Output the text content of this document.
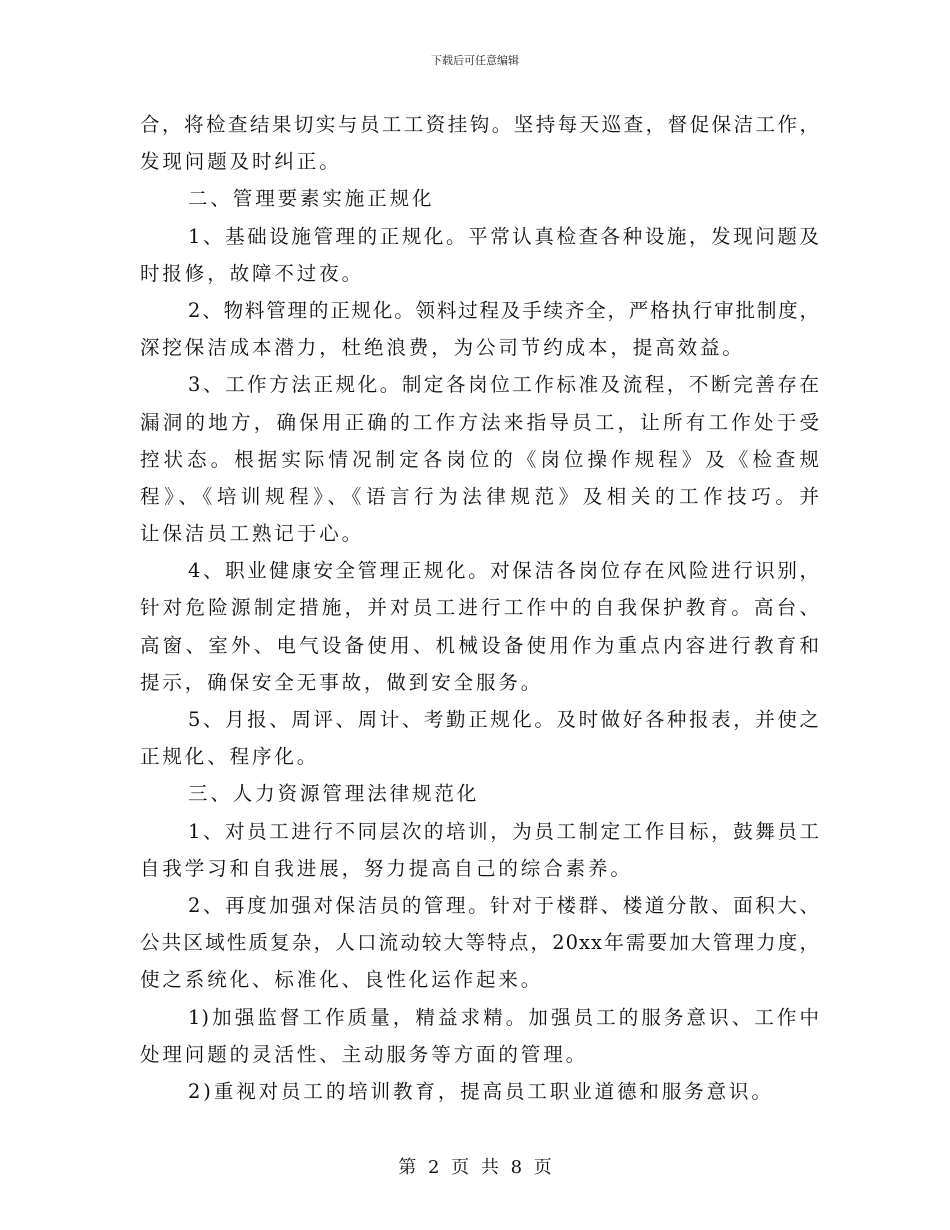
下载后可任意编辑
合，将检查结果切实与员工工资挂钩。坚持每天巡查，督促保洁工作，
发现问题及时纠正。
二、管理要素实施正规化
1、基础设施管理的正规化。平常认真检查各种设施，发现问题及
时报修，故障不过夜。
2、物料管理的正规化。领料过程及手续齐全，严格执行审批制度，
深挖保洁成本潜力，杜绝浪费，为公司节约成本，提高效益。
3、工作方法正规化。制定各岗位工作标准及流程，不断完善存在
漏洞的地方，确保用正确的工作方法来指导员工，让所有工作处于受
控状态。根据实际情况制定各岗位的《岗位操作规程》及《检查规
程》、《培训规程》、《语言行为法律规范》及相关的工作技巧。并
让保洁员工熟记于心。
4、职业健康安全管理正规化。对保洁各岗位存在风险进行识别，
针对危险源制定措施，并对员工进行工作中的自我保护教育。高台、
高窗、室外、电气设备使用、机械设备使用作为重点内容进行教育和
提示，确保安全无事故，做到安全服务。
5、月报、周评、周计、考勤正规化。及时做好各种报表，并使之
正规化、程序化。
三、人力资源管理法律规范化
1、对员工进行不同层次的培训，为员工制定工作目标，鼓舞员工
自我学习和自我进展，努力提高自己的综合素养。
2、再度加强对保洁员的管理。针对于楼群、楼道分散、面积大、
公共区域性质复杂，人口流动较大等特点，20xx年需要加大管理力度，
使之系统化、标准化、良性化运作起来。
1)加强监督工作质量，精益求精。加强员工的服务意识、工作中
处理问题的灵活性、主动服务等方面的管理。
2)重视对员工的培训教育，提高员工职业道德和服务意识。
第 2 页 共 8 页
